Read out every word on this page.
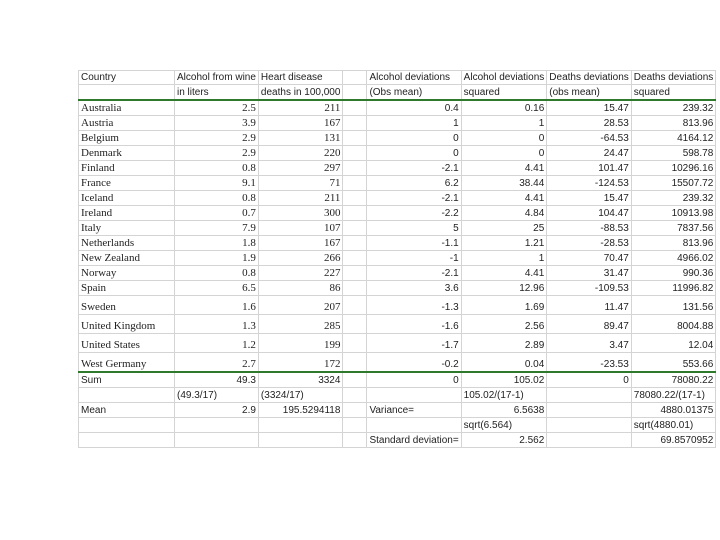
Country	Alcohol from wine	Heart disease		Alcohol deviations	Alcohol deviations	Deaths deviations	Deaths deviations
	in liters	deaths in 100,000		(Obs mean)	squared	(obs mean)	squared
Australia	2.5	211		0.4	0.16	15.47	239.32
Austria	3.9	167		1	1	28.53	813.96
Belgium	2.9	131		0	0	-64.53	4164.12
Denmark	2.9	220		0	0	24.47	598.78
Finland	0.8	297		-2.1	4.41	101.47	10296.16
France	9.1	71		6.2	38.44	-124.53	15507.72
Iceland	0.8	211		-2.1	4.41	15.47	239.32
Ireland	0.7	300		-2.2	4.84	104.47	10913.98
Italy	7.9	107		5	25	-88.53	7837.56
Netherlands	1.8	167		-1.1	1.21	-28.53	813.96
New Zealand	1.9	266		-1	1	70.47	4966.02
Norway	0.8	227		-2.1	4.41	31.47	990.36
Spain	6.5	86		3.6	12.96	-109.53	11996.82
Sweden	1.6	207		-1.3	1.69	11.47	131.56
United Kingdom	1.3	285		-1.6	2.56	89.47	8004.88
United States	1.2	199		-1.7	2.89	3.47	12.04
West Germany	2.7	172		-0.2	0.04	-23.53	553.66
Sum	49.3	3324		0	105.02	0	78080.22
	(49.3/17)	(3324/17)			105.02/(17-1)		78080.22/(17-1)
Mean	2.9	195.5294118		Variance=	6.5638		4880.01375
					sqrt(6.564)		sqrt(4880.01)
				Standard deviation=	2.562		69.8570952
